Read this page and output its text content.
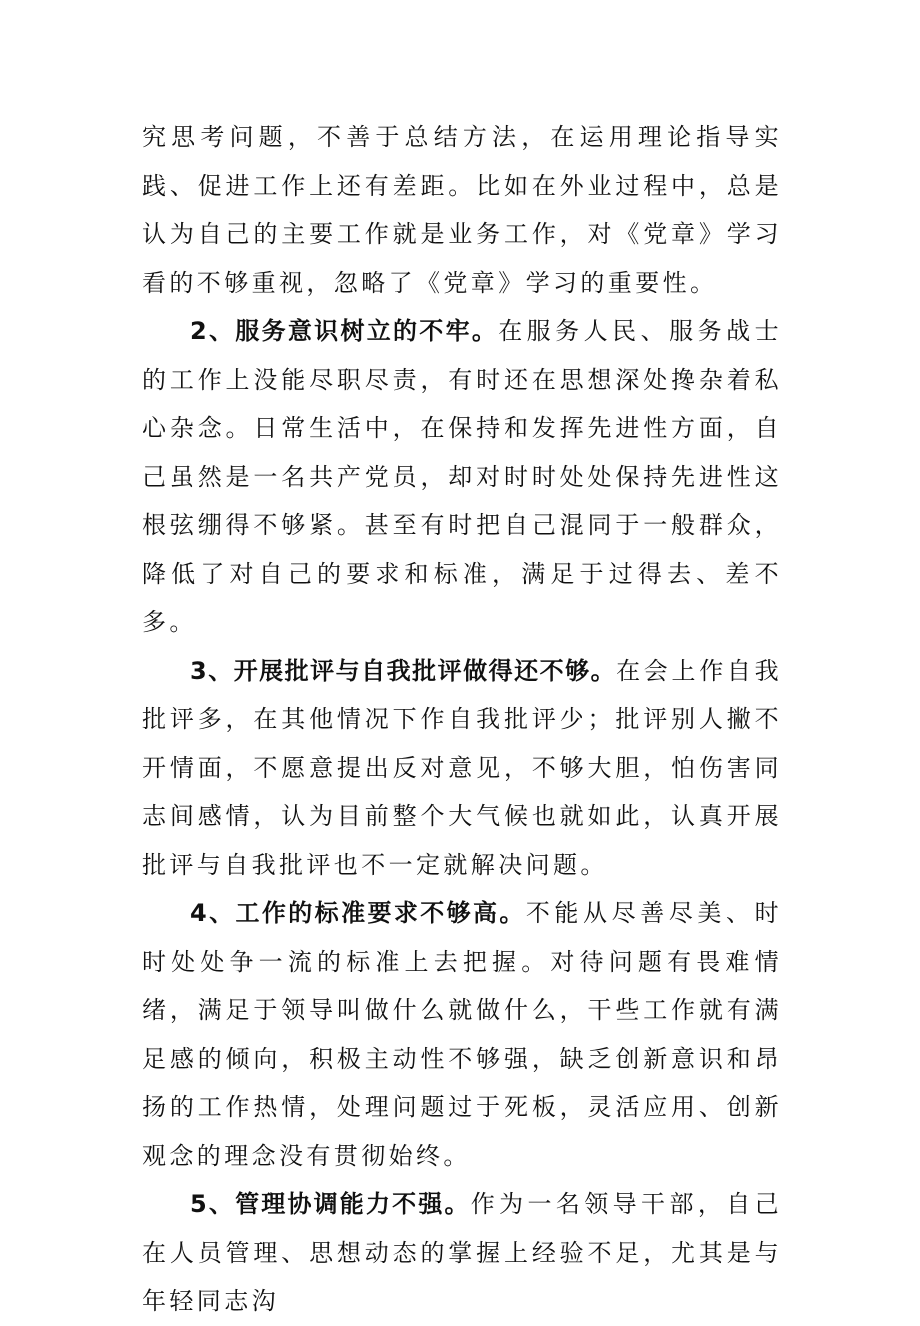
究思考问题，不善于总结方法，在运用理论指导实践、促进工作上还有差距。比如在外业过程中，总是认为自己的主要工作就是业务工作，对《党章》学习看的不够重视，忽略了《党章》学习的重要性。

2、服务意识树立的不牢。在服务人民、服务战士的工作上没能尽职尽责，有时还在思想深处搀杂着私心杂念。日常生活中，在保持和发挥先进性方面，自己虽然是一名共产党员，却对时时处处保持先进性这根弦绷得不够紧。甚至有时把自己混同于一般群众，降低了对自己的要求和标准，满足于过得去、差不多。

3、开展批评与自我批评做得还不够。在会上作自我批评多，在其他情况下作自我批评少；批评别人撇不开情面，不愿意提出反对意见，不够大胆，怕伤害同志间感情，认为目前整个大气候也就如此，认真开展批评与自我批评也不一定就解决问题。

4、工作的标准要求不够高。不能从尽善尽美、时时处处争一流的标准上去把握。对待问题有畏难情绪，满足于领导叫做什么就做什么，干些工作就有满足感的倾向，积极主动性不够强，缺乏创新意识和昂扬的工作热情，处理问题过于死板，灵活应用、创新观念的理念没有贯彻始终。

5、管理协调能力不强。作为一名领导干部，自己在人员管理、思想动态的掌握上经验不足，尤其是与年轻同志沟
